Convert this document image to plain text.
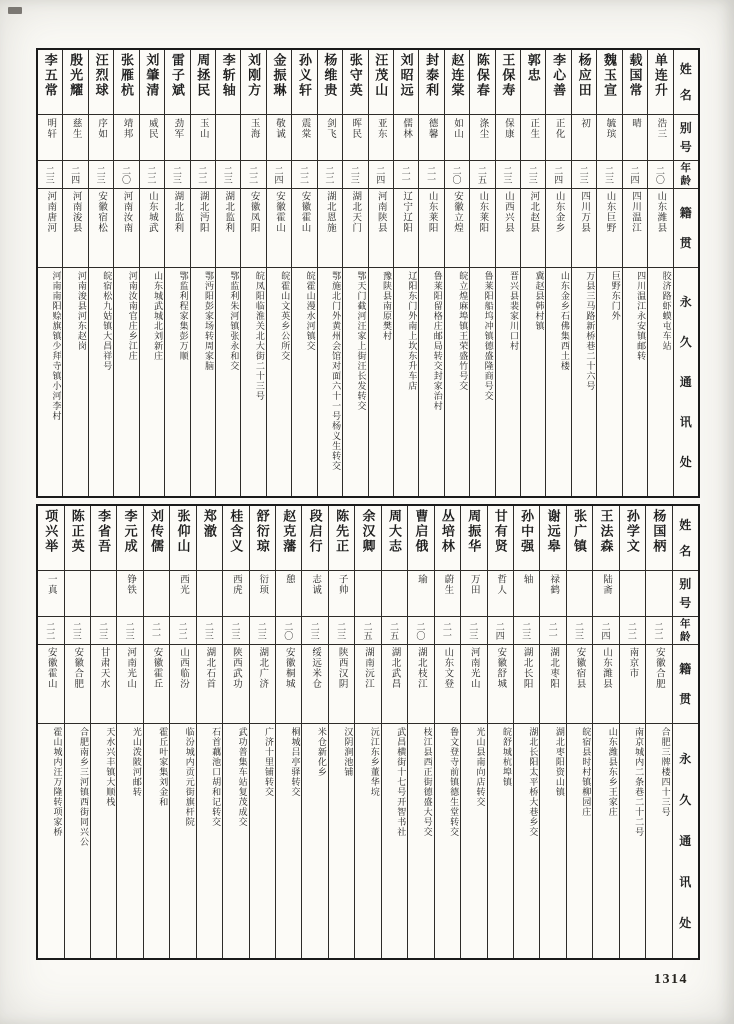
姓
名
别
号
年
龄
籍
贯
永
久
通
讯
处
单连升
浩三
二〇
山东潍县
胶济路虾蟆屯车站
载国常
晴
二四
四川温江
四川温江永安镇邮转
魏玉宣
毓瑸
二三
山东巨野
巨野东门外
杨应田
初
二三
四川万县
万县三马路新桥巷二十六号
李心善
正化
二四
山东金乡
山东金乡石佛集西土楼
郭忠
正生
二三
河北赵县
冀赵县韩村镇
王保寿
保康
二三
山西兴县
晋兴县裴家川口村
陈保春
涤尘
二五
山东莱阳
鲁莱阳船坞冲镇德盛隆商号交
赵连棠
如山
二〇
安徽立煌
皖立煌麻埠镇王荣盛竹号交
封泰利
德馨
二一
山东莱阳
鲁莱阳留格庄邮局转交封家治村
刘昭远
儒林
二一
辽宁辽阳
辽阳东门外南上坎东升车店
汪茂山
亚东
二四
河南陕县
豫陕县南原樊村
张守英
晖民
二三
湖北天门
鄂天门截河汪家上街汪长发转交
杨维贵
剑飞
二二
湖北恩施
鄂施北门外黄州会馆对面六十一号杨义生转交
孙义轩
震棠
二二
安徽霍山
皖霍山漫水河镇交
金振琳
敬诚
二四
安徽霍山
皖霍山文英乡公所交
刘刚方
玉海
二二
安徽凤阳
皖凤阳临淮关北大街二十三号
李斩轴
二三
湖北监利
鄂监利朱河镇张永和交
周拯民
玉山
二二
湖北沔阳
鄂沔阳彭家场转周家脑
雷子斌
劲军
二三
湖北监利
鄂监利程家集彭万顺
刘肇清
威民
二二
山东城武
山东城武城北刘新庄
张雁杭
靖邦
二〇
河南汝南
河南汝南官庄乡江庄
汪烈球
序如
二三
安徽宿松
皖宿松九姑镇大昌祥号
殷光耀
慈生
二四
河南浚县
河南浚县河东赵岗
李五常
明轩
二三
河南唐河
河南南阳赊旗镇少拜寺镇小河李村
姓
名
别
号
年
龄
籍
贯
永
久
通
讯
处
杨国柄
二二
安徽合肥
合肥三牌楼四十三号
孙学文
二二
南京市
南京城内二条巷二十二号
王法森
陆斋
二四
山东潍县
山东潍县东乡王家庄
张广镇
二三
安徽宿县
皖宿县时村镇柳园庄
谢远皋
禄鹤
二一
湖北枣阳
湖北枣阳资山镇
孙中强
轴
二三
湖北长阳
湖北长阳太平桥大巷乡交
甘有贤
哲人
二四
安徽舒城
皖舒城杭埠镇
周振华
万田
二三
河南光山
光山县南向店转交
丛培林
蔚生
二一
山东文登
鲁文登寺前镇德生堂转交
曹启俄
瑜
二〇
湖北枝江
枝江县西正街德盛大号交
周大志
二五
湖北武昌
武昌横街十七号开智书社
余汉卿
二五
湖南沅江
沅江东乡董华垸
陈先正
子帅
二三
陕西汉阴
汉阴涧池铺
段启行
志诚
二三
绥远米仓
米仓新化乡
赵克藩
憩
二〇
安徽桐城
桐城吕亭驿转交
舒衍琼
衍顼
二三
湖北广济
广济十里铺转交
桂含义
西虎
二三
陕西武功
武功普集车站复茂成交
郑澈
二三
湖北石首
石首藕池口胡和记转交
张仰山
西光
二二
山西临汾
临汾城内贡元街旗杆院
刘传儒
二一
安徽霍丘
霍丘叶家集刘金和
李元成
铮铁
二三
河南光山
光山泼陂河邮转
李省吾
二三
甘肃天水
天水兴丰镇大顺栈
陈正英
二三
安徽合肥
合肥南乡三河镇西街同兴公
项兴举
一真
二二
安徽霍山
霍山城内汪万隆转项家桥
1314
